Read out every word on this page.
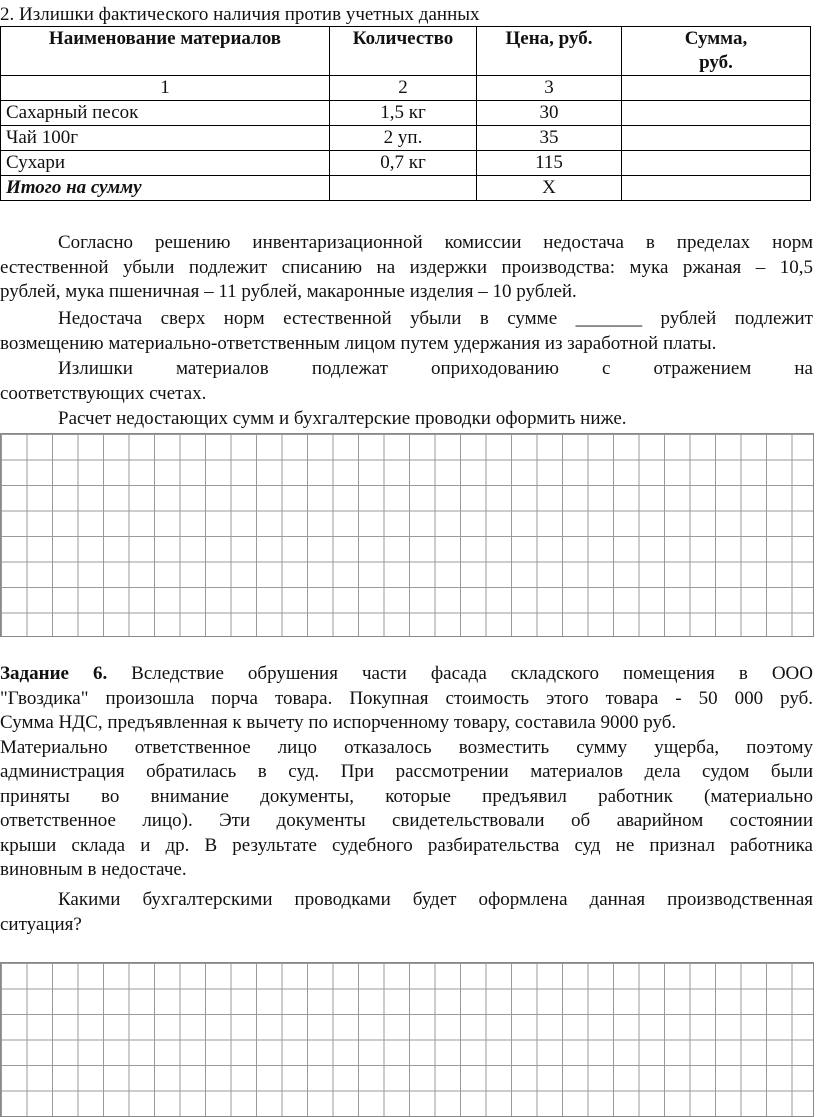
2. Излишки фактического наличия против учетных данных
Наименование материалов	Количество	Цена, руб.	Сумма,
руб.
1	2	3	
Сахарный песок	1,5 кг	30	
Чай 100г	2 уп.	35	
Сухари	0,7 кг	115	
Итого на сумму		Х	
Согласно решению инвентаризационной комиссии недостача в пределах норм
естественной убыли подлежит списанию на издержки производства: мука ржаная – 10,5
рублей, мука пшеничная – 11 рублей, макаронные изделия – 10 рублей.
Недостача сверх норм естественной убыли в сумме _______ рублей подлежит
возмещению материально-ответственным лицом путем удержания из заработной платы.
Излишки материалов подлежат оприходованию с отражением на
соответствующих счетах.
Расчет недостающих сумм и бухгалтерские проводки оформить ниже.
Задание 6. Вследствие обрушения части фасада складского помещения в ООО
"Гвоздика" произошла порча товара. Покупная стоимость этого товара - 50 000 руб.
Сумма НДС, предъявленная к вычету по испорченному товару, составила 9000 руб.
Материально ответственное лицо отказалось возместить сумму ущерба, поэтому
администрация обратилась в суд. При рассмотрении материалов дела судом были
приняты во внимание документы, которые предъявил работник (материально
ответственное лицо). Эти документы свидетельствовали об аварийном состоянии
крыши склада и др. В результате судебного разбирательства суд не признал работника
виновным в недостаче.
Какими бухгалтерскими проводками будет оформлена данная производственная
ситуация?
